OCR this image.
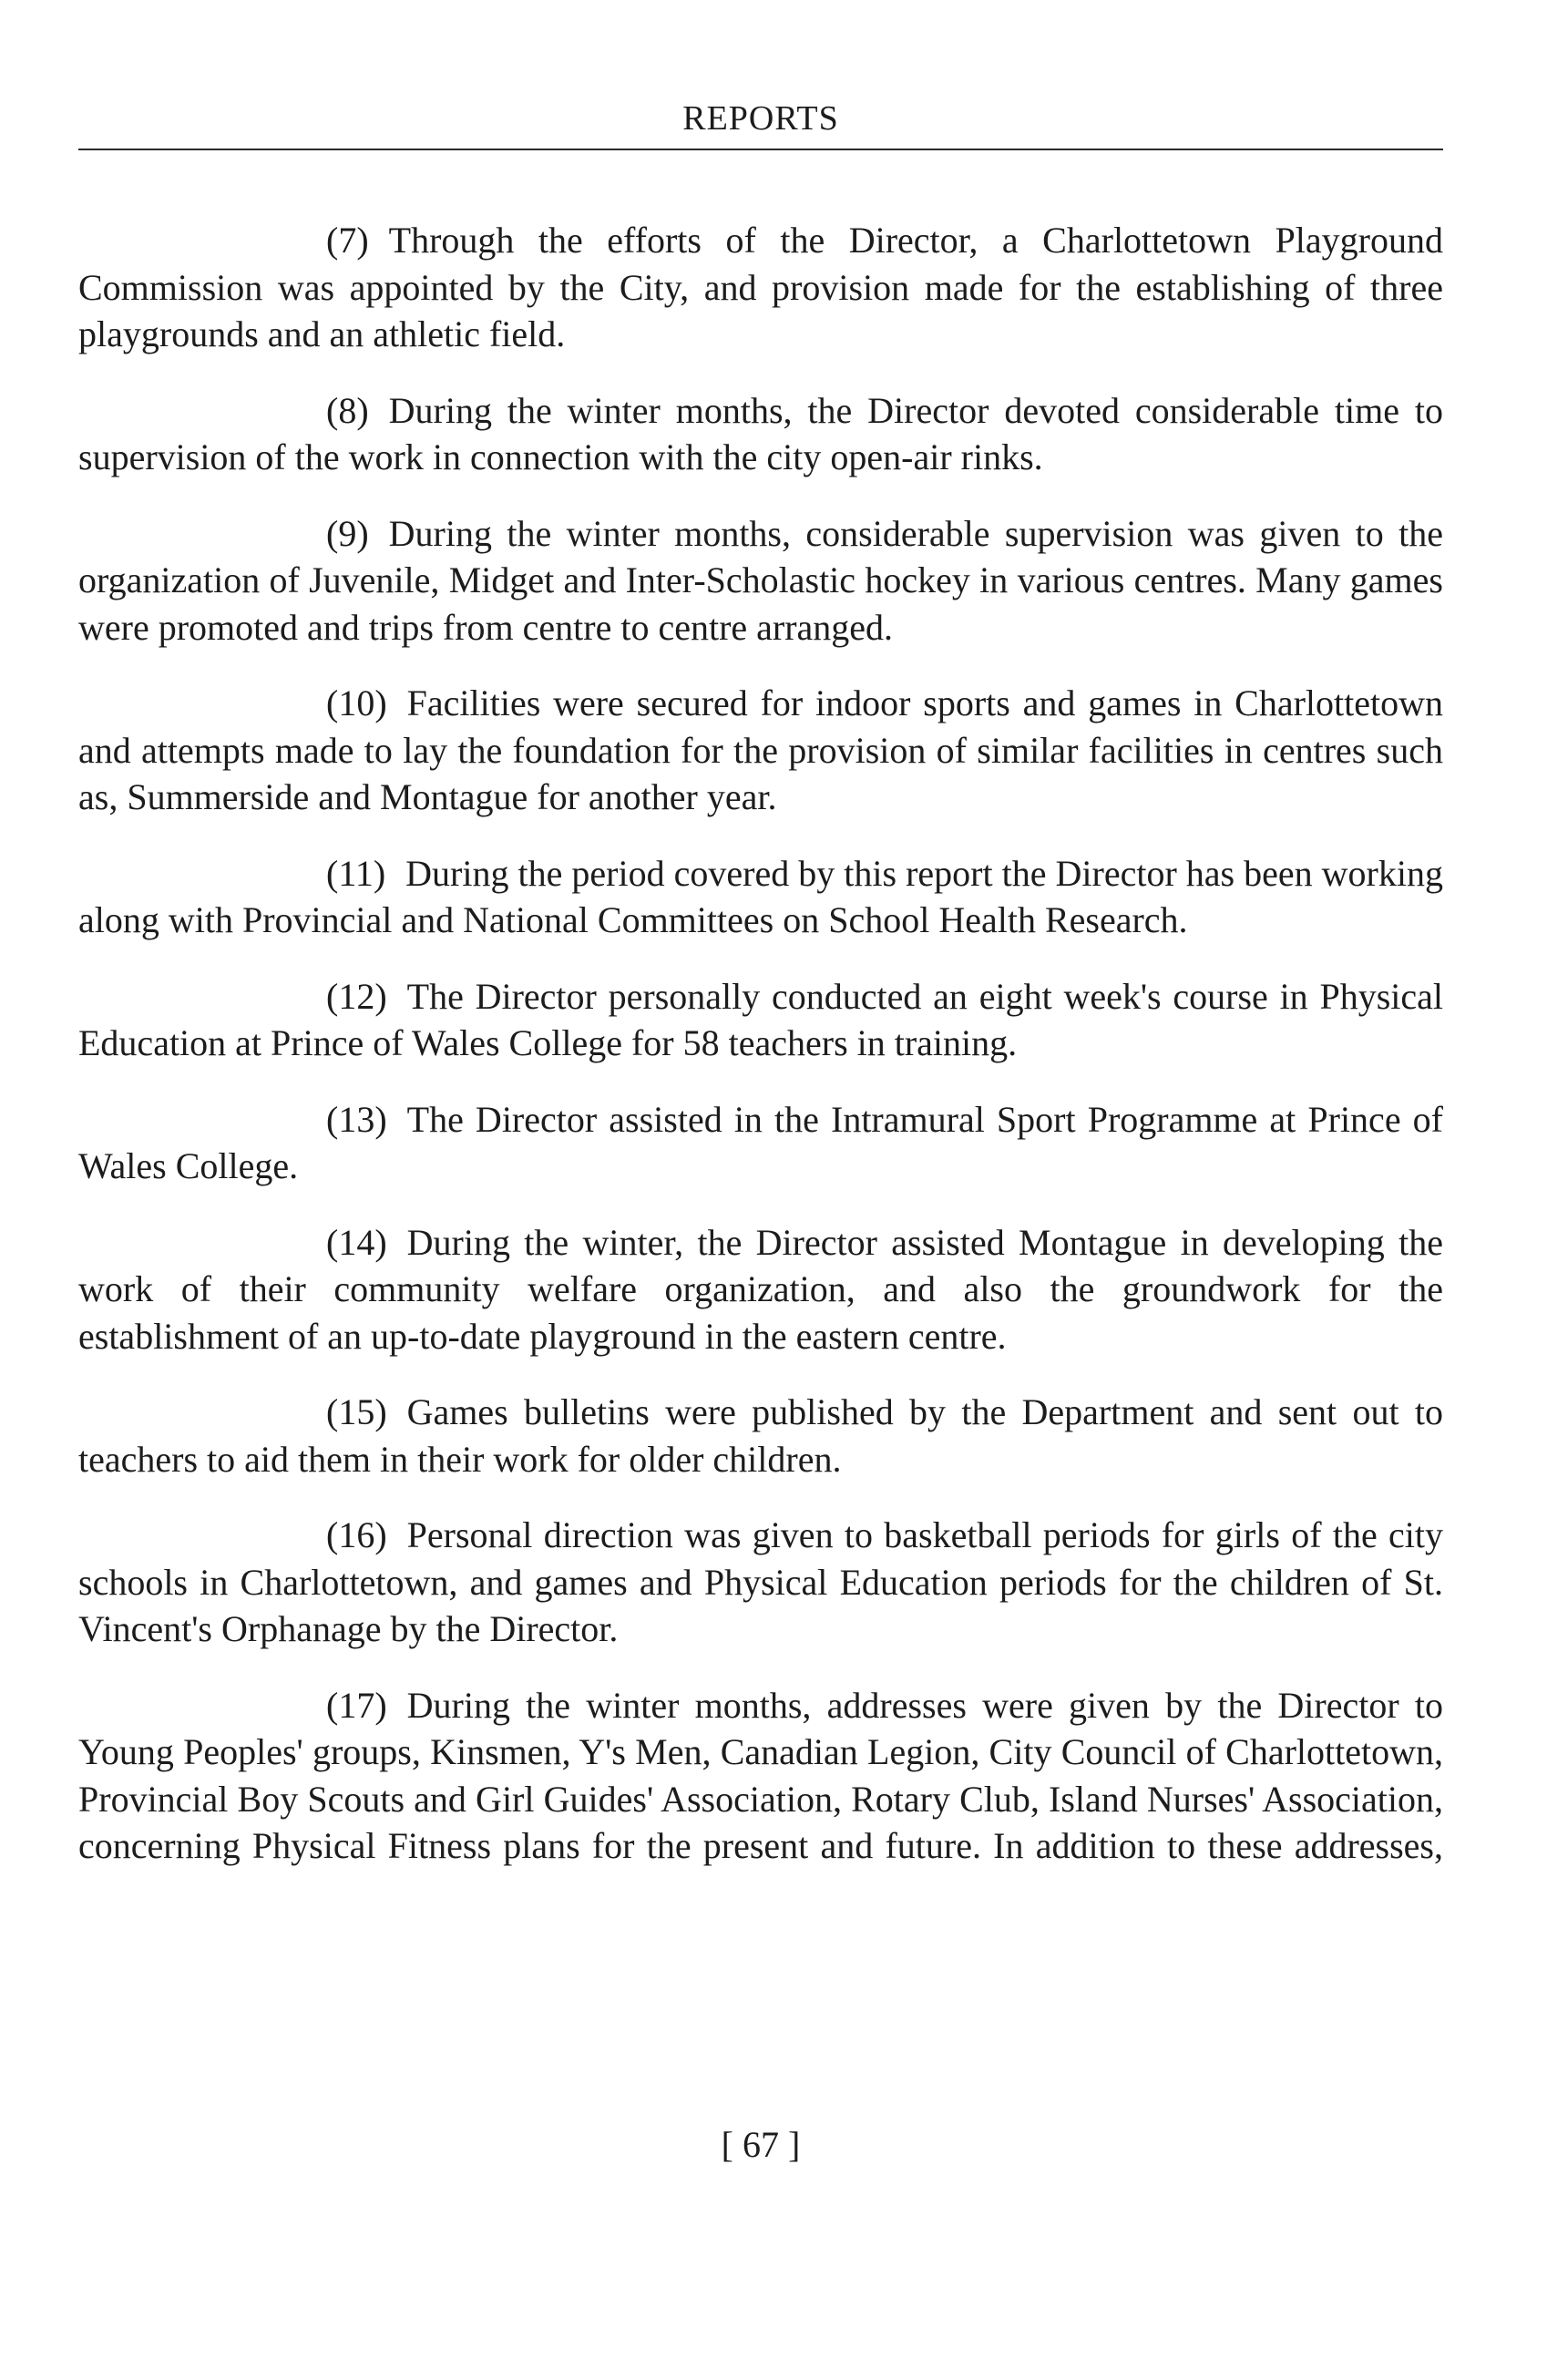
REPORTS

(7) Through the efforts of the Director, a Charlottetown Playground Commission was appointed by the City, and provision made for the establishing of three playgrounds and an athletic field.

(8) During the winter months, the Director devoted considerable time to supervision of the work in connection with the city open-air rinks.

(9) During the winter months, considerable supervision was given to the organization of Juvenile, Midget and Inter-Scholastic hockey in various centres. Many games were promoted and trips from centre to centre arranged.

(10) Facilities were secured for indoor sports and games in Charlottetown and attempts made to lay the foundation for the provision of similar facilities in centres such as, Summerside and Montague for another year.

(11) During the period covered by this report the Director has been working along with Provincial and National Committees on School Health Research.

(12) The Director personally conducted an eight week's course in Physical Education at Prince of Wales College for 58 teachers in training.

(13) The Director assisted in the Intramural Sport Programme at Prince of Wales College.

(14) During the winter, the Director assisted Montague in developing the work of their community welfare organization, and also the groundwork for the establishment of an up-to-date playground in the eastern centre.

(15) Games bulletins were published by the Department and sent out to teachers to aid them in their work for older children.

(16) Personal direction was given to basketball periods for girls of the city schools in Charlottetown, and games and Physical Education periods for the children of St. Vincent's Orphanage by the Director.

(17) During the winter months, addresses were given by the Director to Young Peoples' groups, Kinsmen, Y's Men, Canadian Legion, City Council of Charlottetown, Provincial Boy Scouts and Girl Guides' Association, Rotary Club, Island Nurses' Association, concerning Physical Fitness plans for the present and future. In addition to these addresses,

[ 67 ]
